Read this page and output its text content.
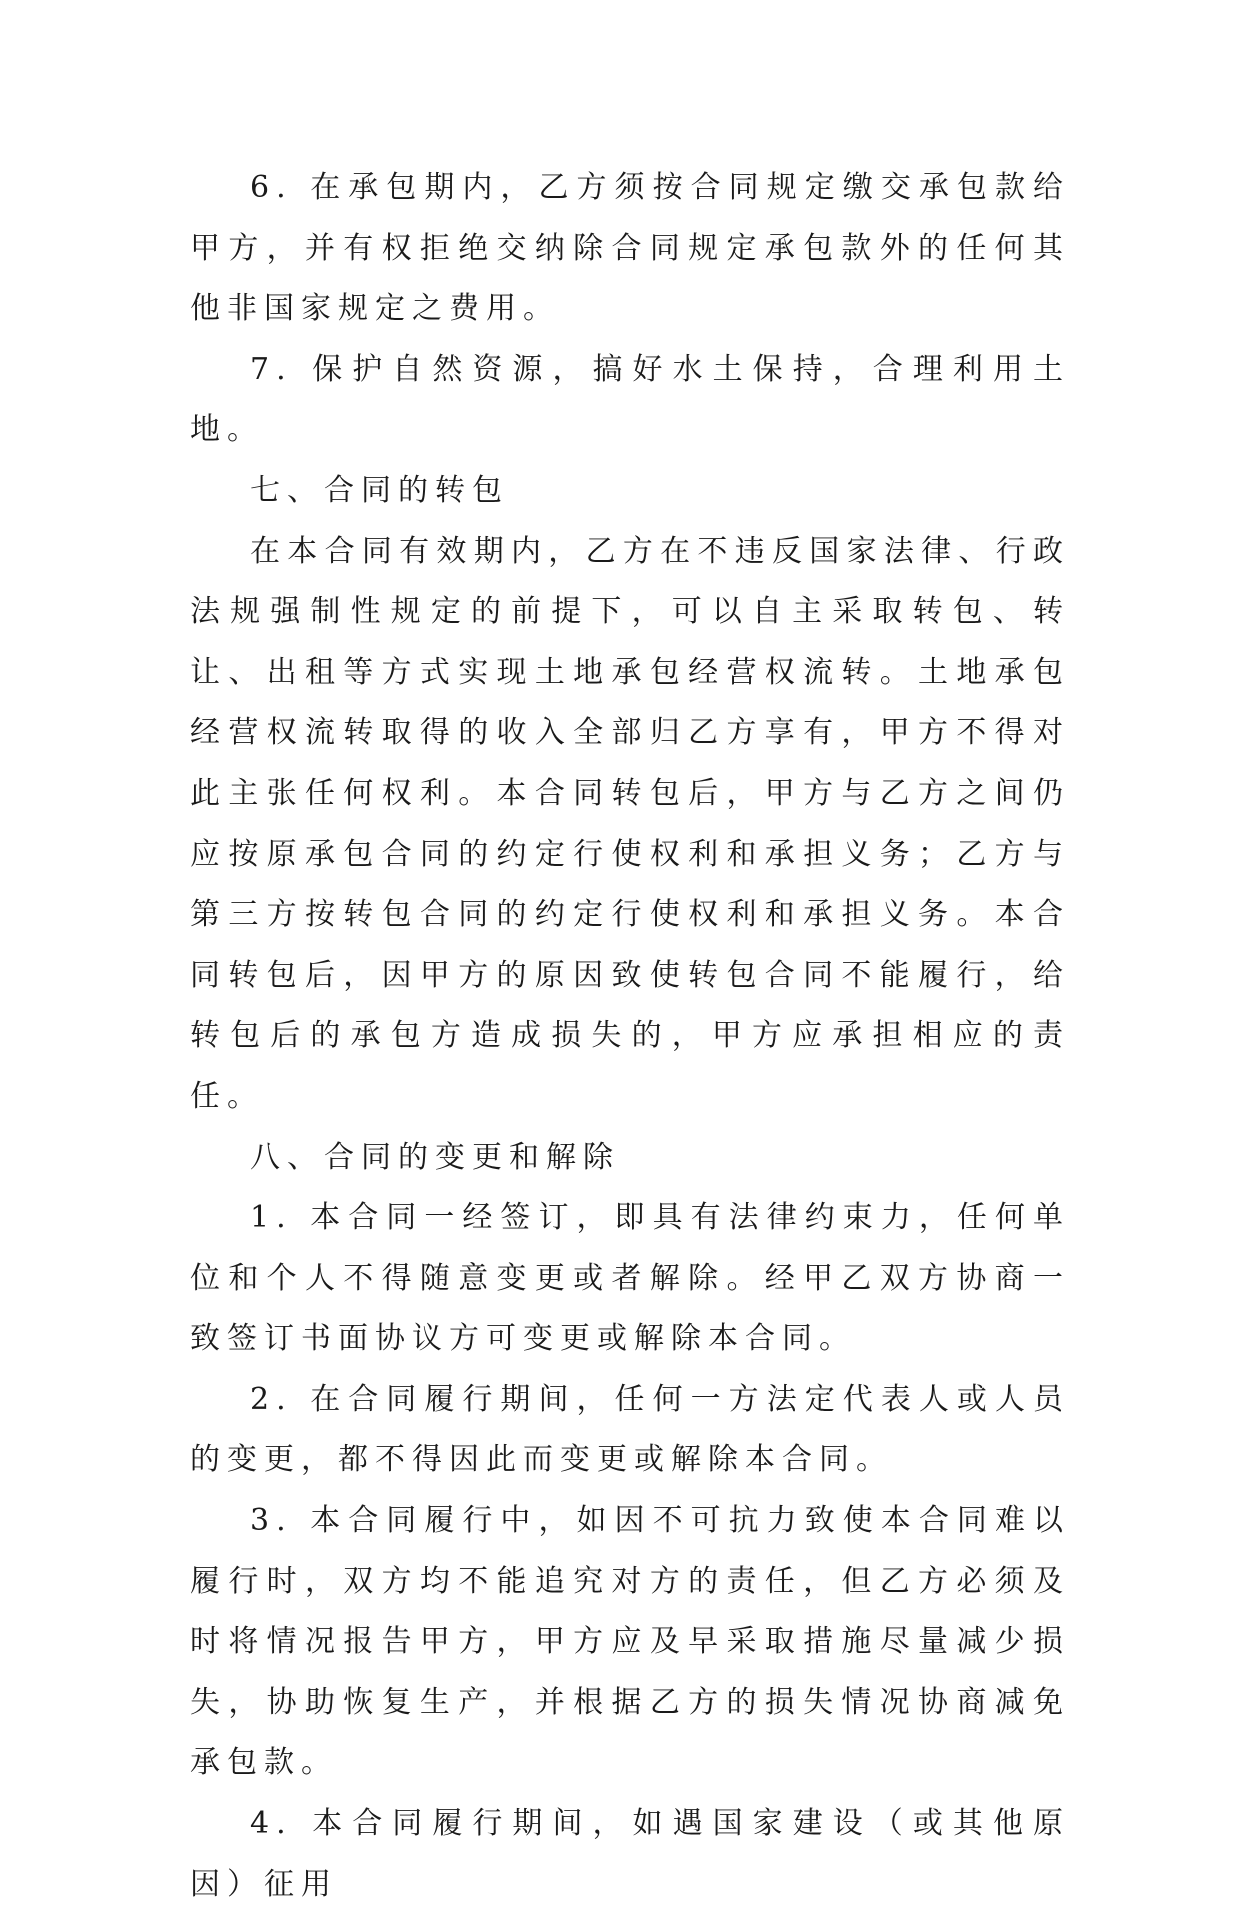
6. 在承包期内，乙方须按合同规定缴交承包款给甲方，并有权拒绝交纳除合同规定承包款外的任何其他非国家规定之费用。

7. 保护自然资源，搞好水土保持，合理利用土地。

七、合同的转包

在本合同有效期内，乙方在不违反国家法律、行政法规强制性规定的前提下，可以自主采取转包、转让、出租等方式实现土地承包经营权流转。土地承包经营权流转取得的收入全部归乙方享有，甲方不得对此主张任何权利。本合同转包后，甲方与乙方之间仍应按原承包合同的约定行使权利和承担义务；乙方与第三方按转包合同的约定行使权利和承担义务。本合同转包后，因甲方的原因致使转包合同不能履行，给转包后的承包方造成损失的，甲方应承担相应的责任。

八、合同的变更和解除

1. 本合同一经签订，即具有法律约束力，任何单位和个人不得随意变更或者解除。经甲乙双方协商一致签订书面协议方可变更或解除本合同。

2. 在合同履行期间，任何一方法定代表人或人员的变更，都不得因此而变更或解除本合同。

3. 本合同履行中，如因不可抗力致使本合同难以履行时，双方均不能追究对方的责任，但乙方必须及时将情况报告甲方，甲方应及早采取措施尽量减少损失，协助恢复生产，并根据乙方的损失情况协商减免承包款。

4. 本合同履行期间，如遇国家建设（或其他原因）征用
